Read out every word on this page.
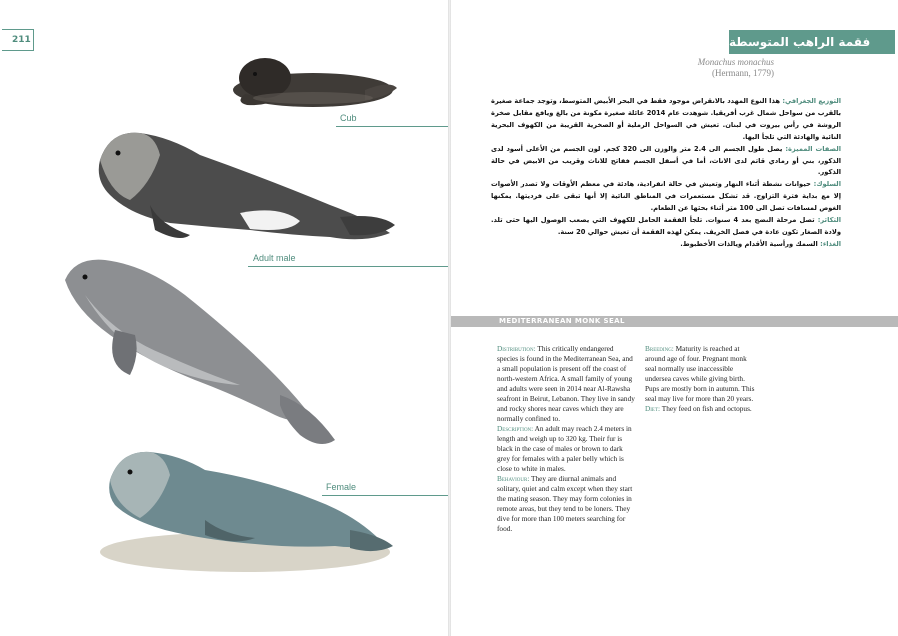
211
Cub
Adult male
Female
فقمة الراهب المتوسطة
Monachus monachus
(Hermann, 1779)
التوزيع الجغرافي: هذا النوع المهدد بالانقراض موجود فقط في البحر الأبيض المتوسط، وتوجد جماعة صغيرة بالقرب من سواحل شمال غرب أفريقيا. شوهدت عام 2014 عائلة صغيرة مكونة من بالغ ويافع مقابل صخرة الروشة في رأس بيروت في لبنان. تعيش في السواحل الرملية أو الصخرية القريبة من الكهوف البحرية النائية والهادئة التي تلجأ اليها.
الصفات المميزة: يصل طول الجسم الى 2.4 متر والوزن الى 320 كجم. لون الجسم من الأعلى أسود لدى الذكور، بني أو رمادي قاتم لدى الاناث، أما في أسفل الجسم ففاتح للاناث وقريب من الابيض في حالة الذكور.
السلوك: حيوانات نشطة أثناء النهار وتعيش في حالة انفرادية، هادئة في معظم الأوقات ولا تصدر الأصوات إلا مع بداية فترة التزاوج. قد تشكل مستعمرات في المناطق النائية إلا أنها تبقى على فرديتها. يمكنها الغوص لمسافات تصل الى 100 متر أثناء بحثها عن الطعام.
التكاثر: تصل مرحلة النضج بعد 4 سنوات. تلجأ الفقمة الحامل للكهوف التي يصعب الوصول اليها حتى تلد. ولادة الصغار تكون عادة في فصل الخريف. يمكن لهذه الفقمة أن تعيش حوالي 20 سنة.
الغذاء: السمك ورأسية الأقدام ويالذات الأخطبوط.
MEDITERRANEAN MONK SEAL
Distribution: This critically endangered species is found in the Mediterranean Sea, and a small population is present off the coast of north-western Africa. A small family of young and adults were seen in 2014 near Al-Rawsha seafront in Beirut, Lebanon. They live in sandy and rocky shores near caves which they are normally confined to.
Description: An adult may reach 2.4 meters in length and weigh up to 320 kg. Their fur is black in the case of males or brown to dark grey for females with a paler belly which is close to white in males.
Behaviour: They are diurnal animals and solitary, quiet and calm except when they start the mating season. They may form colonies in remote areas, but they tend to be loners. They dive for more than 100 meters searching for food.
Breeding: Maturity is reached at around age of four. Pregnant monk seal normally use inaccessible undersea caves while giving birth. Pups are mostly born in autumn. This seal may live for more than 20 years.
Diet: They feed on fish and octopus.
